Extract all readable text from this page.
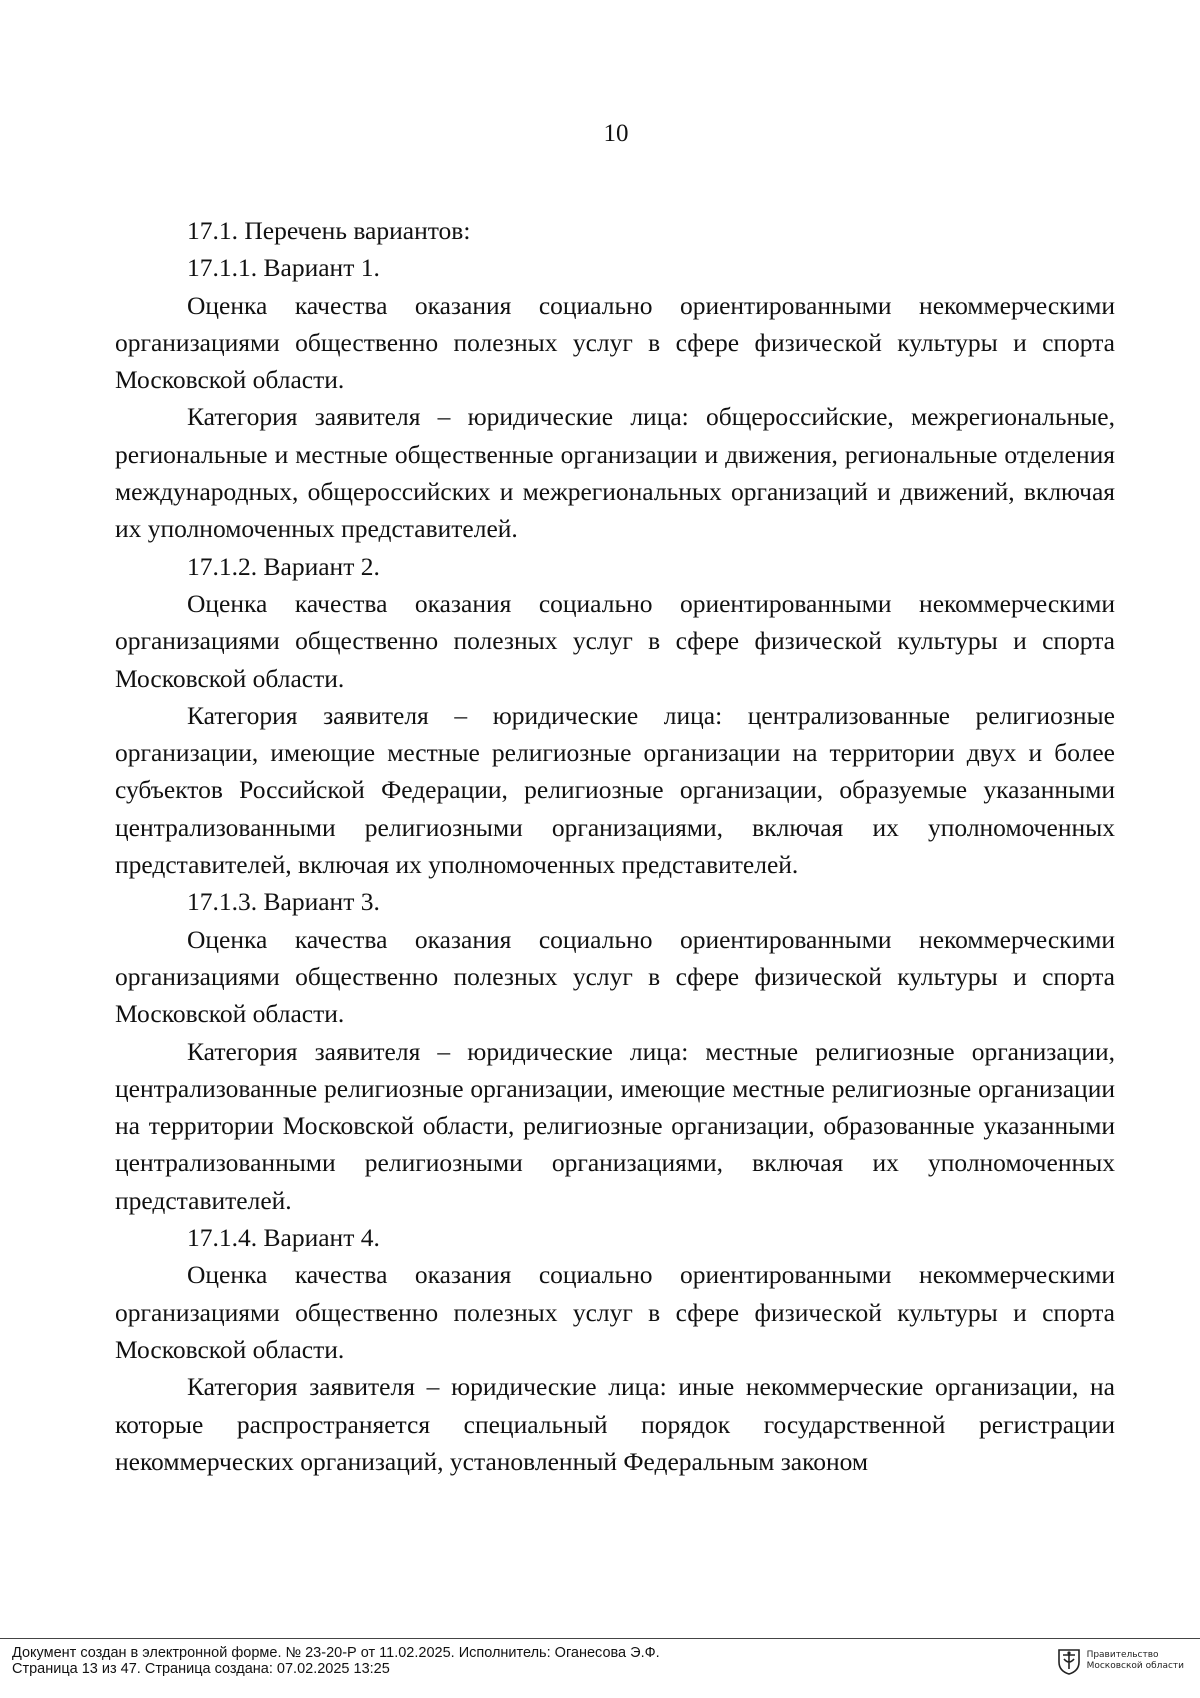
10

17.1. Перечень вариантов:

17.1.1. Вариант 1.

Оценка качества оказания социально ориентированными некоммерческими организациями общественно полезных услуг в сфере физической культуры и спорта Московской области.

Категория заявителя – юридические лица: общероссийские, межрегиональные, региональные и местные общественные организации и движения, региональные отделения международных, общероссийских и межрегиональных организаций и движений, включая их уполномоченных представителей.

17.1.2. Вариант 2.

Оценка качества оказания социально ориентированными некоммерческими организациями общественно полезных услуг в сфере физической культуры и спорта Московской области.

Категория заявителя – юридические лица: централизованные религиозные организации, имеющие местные религиозные организации на территории двух и более субъектов Российской Федерации, религиозные организации, образуемые указанными централизованными религиозными организациями, включая их уполномоченных представителей, включая их уполномоченных представителей.

17.1.3. Вариант 3.

Оценка качества оказания социально ориентированными некоммерческими организациями общественно полезных услуг в сфере физической культуры и спорта Московской области.

Категория заявителя – юридические лица: местные религиозные организации, централизованные религиозные организации, имеющие местные религиозные организации на территории Московской области, религиозные организации, образованные указанными централизованными религиозными организациями, включая их уполномоченных представителей.

17.1.4. Вариант 4.

Оценка качества оказания социально ориентированными некоммерческими организациями общественно полезных услуг в сфере физической культуры и спорта Московской области.

Категория заявителя – юридические лица: иные некоммерческие организации, на которые распространяется специальный порядок государственной регистрации некоммерческих организаций, установленный Федеральным законом

Документ создан в электронной форме. № 23-20-Р от 11.02.2025. Исполнитель: Оганесова Э.Ф.
Страница 13 из 47. Страница создана: 07.02.2025 13:25
Правительство
Московской области
